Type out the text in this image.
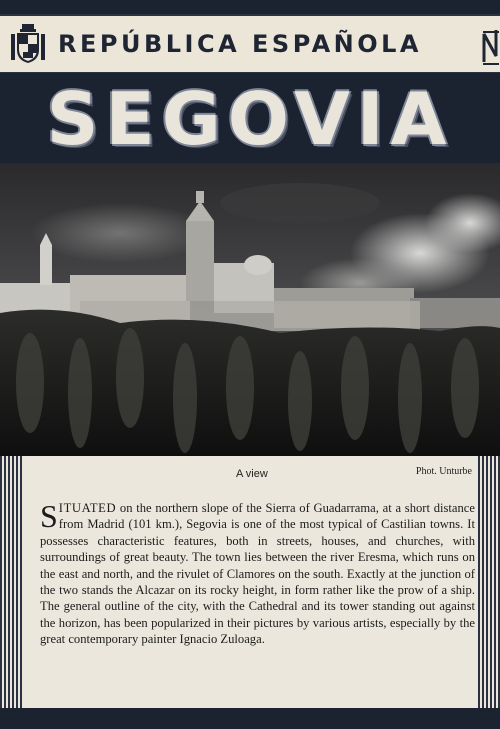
REPÚBLICA ESPAÑOLA
SEGOVIA
A view	Phot. Unturbe

SITUATED on the northern slope of the Sierra of Guadarrama, at a short distance from Madrid (101 km.), Segovia is one of the most typical of Castilian towns. It possesses characteristic features, both in streets, houses, and churches, with surroundings of great beauty. The town lies between the river Eresma, which runs on the east and north, and the rivulet of Clamores on the south. Exactly at the junction of the two stands the Alcazar on its rocky height, in form rather like the prow of a ship. The general outline of the city, with the Cathedral and its tower standing out against the horizon, has been popularized in their pictures by various artists, especially by the great contemporary painter Ignacio Zuloaga.
